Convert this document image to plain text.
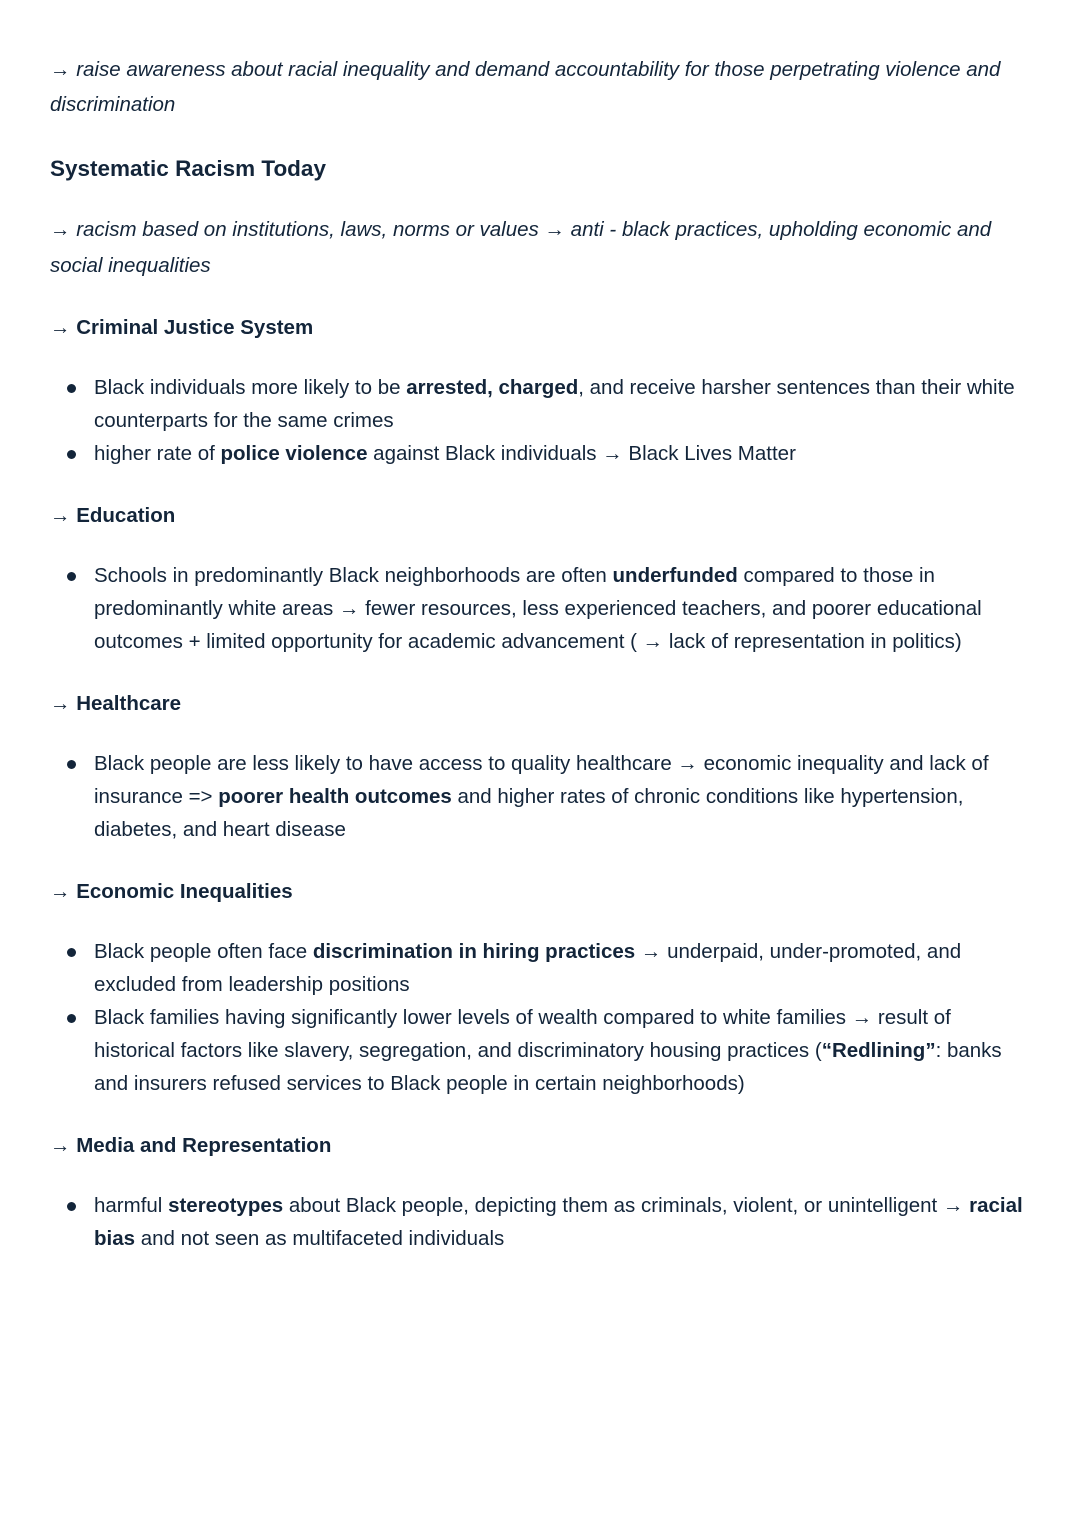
→ raise awareness about racial inequality and demand accountability for those perpetrating violence and discrimination

Systematic Racism Today

→ racism based on institutions, laws, norms or values → anti - black practices, upholding economic and social inequalities

→ Criminal Justice System
Black individuals more likely to be arrested, charged, and receive harsher sentences than their white counterparts for the same crimes
higher rate of police violence against Black individuals → Black Lives Matter
→ Education
Schools in predominantly Black neighborhoods are often underfunded compared to those in predominantly white areas → fewer resources, less experienced teachers, and poorer educational outcomes + limited opportunity for academic advancement ( → lack of representation in politics)
→ Healthcare
Black people are less likely to have access to quality healthcare → economic inequality and lack of insurance => poorer health outcomes and higher rates of chronic conditions like hypertension, diabetes, and heart disease
→ Economic Inequalities
Black people often face discrimination in hiring practices → underpaid, under-promoted, and excluded from leadership positions
Black families having significantly lower levels of wealth compared to white families → result of historical factors like slavery, segregation, and discriminatory housing practices (“Redlining”: banks and insurers refused services to Black people in certain neighborhoods)
→ Media and Representation
harmful stereotypes about Black people, depicting them as criminals, violent, or unintelligent → racial bias and not seen as multifaceted individuals
